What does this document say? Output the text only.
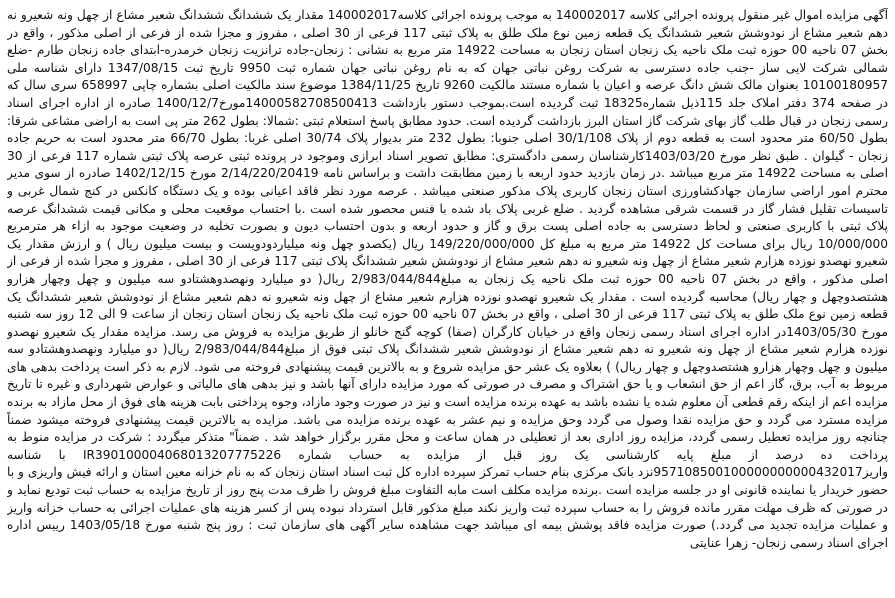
آگهی مزایده اموال غیر منقول پرونده اجرائی کلاسه 140002017 به موجب پرونده اجرائی کلاسه140002017 مقدار یک ششدانگ ششدانگ شعیر مشاع از چهل ونه شعیرو نه دهم شعیر مشاع از نودوشش شعیر ششدانگ یک قطعه زمین نوع ملک طلق به پلاک ثبتی 117 فرعی از 30 اصلی ، مفروز و مجزا شده از فرعی از اصلی مذکور ، واقع در بخش 07 ناحیه 00 حوزه ثبت ملک ناحیه یک زنجان استان زنجان به مساحت 14922 متر مربع به نشانی : زنجان-جاده ترانزیت زنجان خرمدره-ابتدای جاده زنجان طارم -ضلع شمالی شرکت لایی ساز -جنب جاده دسترسی به شرکت روغن نباتی جهان که به نام روغن نباتی جهان شماره ثبت 9950 تاریخ ثبت 1347/08/15 دارای شناسه ملی 10100180957 بعنوان مالک شش دانگ عرصه و اعیان با شماره مستند مالکیت 9260 تاریخ 1384/11/25 موضوع سند مالکیت اصلی بشماره چاپی 658997 سری سال که در صفحه 374 دفتر املاک جلد 115ذیل شماره18325 ثبت گردیده است.بموجب دستور بازداشت 14000582708500413مورخ1400/12/7 صادره از اداره اجرای اسناد رسمی زنجان در قبال طلب گاز بهای شرکت گاز استان البرز بازداشت گردیده است. حدود مطابق پاسخ استعلام ثبتی :شمالا: بطول 262 متر پی است به اراضی مشاعی شرقا: بطول 60/50 متر محدود است به قطعه دوم از پلاک 30/1/108 اصلی جنوبا: بطول 232 متر بدیوار پلاک 30/74 اصلی غربا: بطول 66/70 متر محدود است به حریم جاده زنجان - گیلوان . طبق نظر مورخ 1403/03/20کارشناسان رسمی دادگستری: مطابق تصویر اسناد ابرازی وموجود در پرونده ثبتی عرصه پلاک ثبتی شماره 117 فرعی از 30 اصلی به مساحت 14922 متر مربع میباشد .در زمان بازدید حدود اربعه با زمین مطابقت داشت و براساس نامه 2/14/220/20419 مورخ 1402/12/15 صادره از سوی مدیر محترم امور اراضی سازمان جهادکشاورزی استان زنجان کاربری پلاک مذکور صنعتی میباشد . عرصه مورد نظر فاقد اعیانی بوده و یک دستگاه کانکس در کنج شمال غربی و تاسیسات تقلیل فشار گاز در قسمت شرقی مشاهده گردید . ضلع غربی پلاک باد شده با فنس محصور شده است .با احتساب موقعیت محلی و مکانی قیمت ششدانگ عرصه پلاک ثبتی با کاربری صنعتی و لحاظ دسترسی به جاده اصلی پست برق و گاز و حدود اربعه و بدون احتساب دیون و بصورت تخلیه در وضعیت موجود به ازاء هر مترمربع 10/000/000 ریال برای مساحت کل 14922 متر مربع به مبلغ کل 149/220/000/000 ریال (یکصدو چهل ونه میلیاردودویست و بیست میلیون ریال ) و ارزش مقدار یک شعیرو نهصدو نوزده هزارم شعیر مشاع از چهل ونه شعیرو نه دهم شعیر مشاع از نودوشش شعیر ششدانگ پلاک ثبتی 117 فرعی از 30 اصلی ، مفروز و مجزا شده از فرعی از اصلی مذکور ، واقع در بخش 07 ناحیه 00 حوزه ثبت ملک ناحیه یک زنجان به مبلغ2/983/044/844 ریال( دو میلیارد ونهصدوهشتادو سه میلیون و چهل وچهار هزارو هشتصدوچهل و چهار ریال) محاسبه گردیده است . مقدار یک شعیرو نهصدو نوزده هزارم شعیر مشاع از چهل ونه شعیرو نه دهم شعیر مشاع از نودوشش شعیر ششدانگ یک قطعه زمین نوع ملک طلق به پلاک ثبتی 117 فرعی از 30 اصلی ، واقع در بخش 07 ناحیه 00 حوزه ثبت ملک ناحیه یک زنجان استان زنجان از ساعت 9 الی 12 روز سه شنبه مورخ 1403/05/30در اداره اجرای اسناد رسمی زنجان واقع در خیابان کارگران (صفا) کوچه گنج خانلو از طریق مزایده به فروش می رسد. مزایده مقدار یک شعیرو نهصدو نوزده هزارم شعیر مشاع از چهل ونه شعیرو نه دهم شعیر مشاع از نودوشش شعیر ششدانگ پلاک ثبتی فوق از مبلغ2/983/044/844 ریال( دو میلیارد ونهصدوهشتادو سه میلیون و چهل وچهار هزارو هشتصدوچهل و چهار ریال) ) بعلاوه یک عشر حق مزایده شروع و به بالاترین قیمت پیشنهادی فروخته می شود. لازم به ذکر است پرداخت بدهی های مربوط به آب، برق، گاز اعم از حق انشعاب و یا حق اشتراک و مصرف در صورتی که مورد مزایده دارای آنها باشد و نیز بدهی های مالیاتی و عوارض شهرداری و غیره تا تاریخ مزایده اعم از اینکه رقم قطعی آن معلوم شده یا نشده باشد به عهده برنده مزایده است و نیز در صورت وجود مازاد، وجوه پرداختی بابت هزینه های فوق از محل مازاد به برنده مزایده مسترد می گردد و حق مزایده نقدا وصول می گردد وحق مزایده و نیم عشر به عهده برنده مزایده می باشد. مزایده به بالاترین قیمت پیشنهادی فروخته میشود ضمناً چنانچه روز مزایده تعطیل رسمی گردد، مزایده روز اداری بعد از تعطیلی در همان ساعت و محل مقرر برگزار خواهد شد . ضمناً" متذکر میگردد : شرکت در مزایده منوط به پرداخت ده درصد از مبلغ پایه کارشناسی یک روز قبل از مزایده به حساب شماره IR390100004068013207775226 با شناسه واریز957108500100000000000432017نزد بانک مرکزی بنام حساب تمرکز سپرده اداره کل ثبت اسناد استان زنجان که به نام خزانه معین استان و ارائه فیش واریزی و با حضور خریدار یا نماینده قانونی او در جلسه مزایده است .برنده مزایده مکلف است مابه التفاوت مبلغ فروش را ظرف مدت پنج روز از تاریخ مزایده به حساب ثبت تودیع نماید و در صورتی که ظرف مهلت مقرر مانده فروش را به حساب سپرده ثبت واریز نکند مبلغ مذکور قابل استرداد نبوده پس از کسر هزینه های عملیات اجرائی به حساب خزانه واریز و عملیات مزایده تجدید می گردد.) صورت مزایده فاقد پوشش بیمه ای میباشد جهت مشاهده سایر آگهی های سازمان ثبت : روز پنج شنبه مورخ 1403/05/18 رییس اداره اجرای اسناد رسمی زنجان- زهرا عنایتی
